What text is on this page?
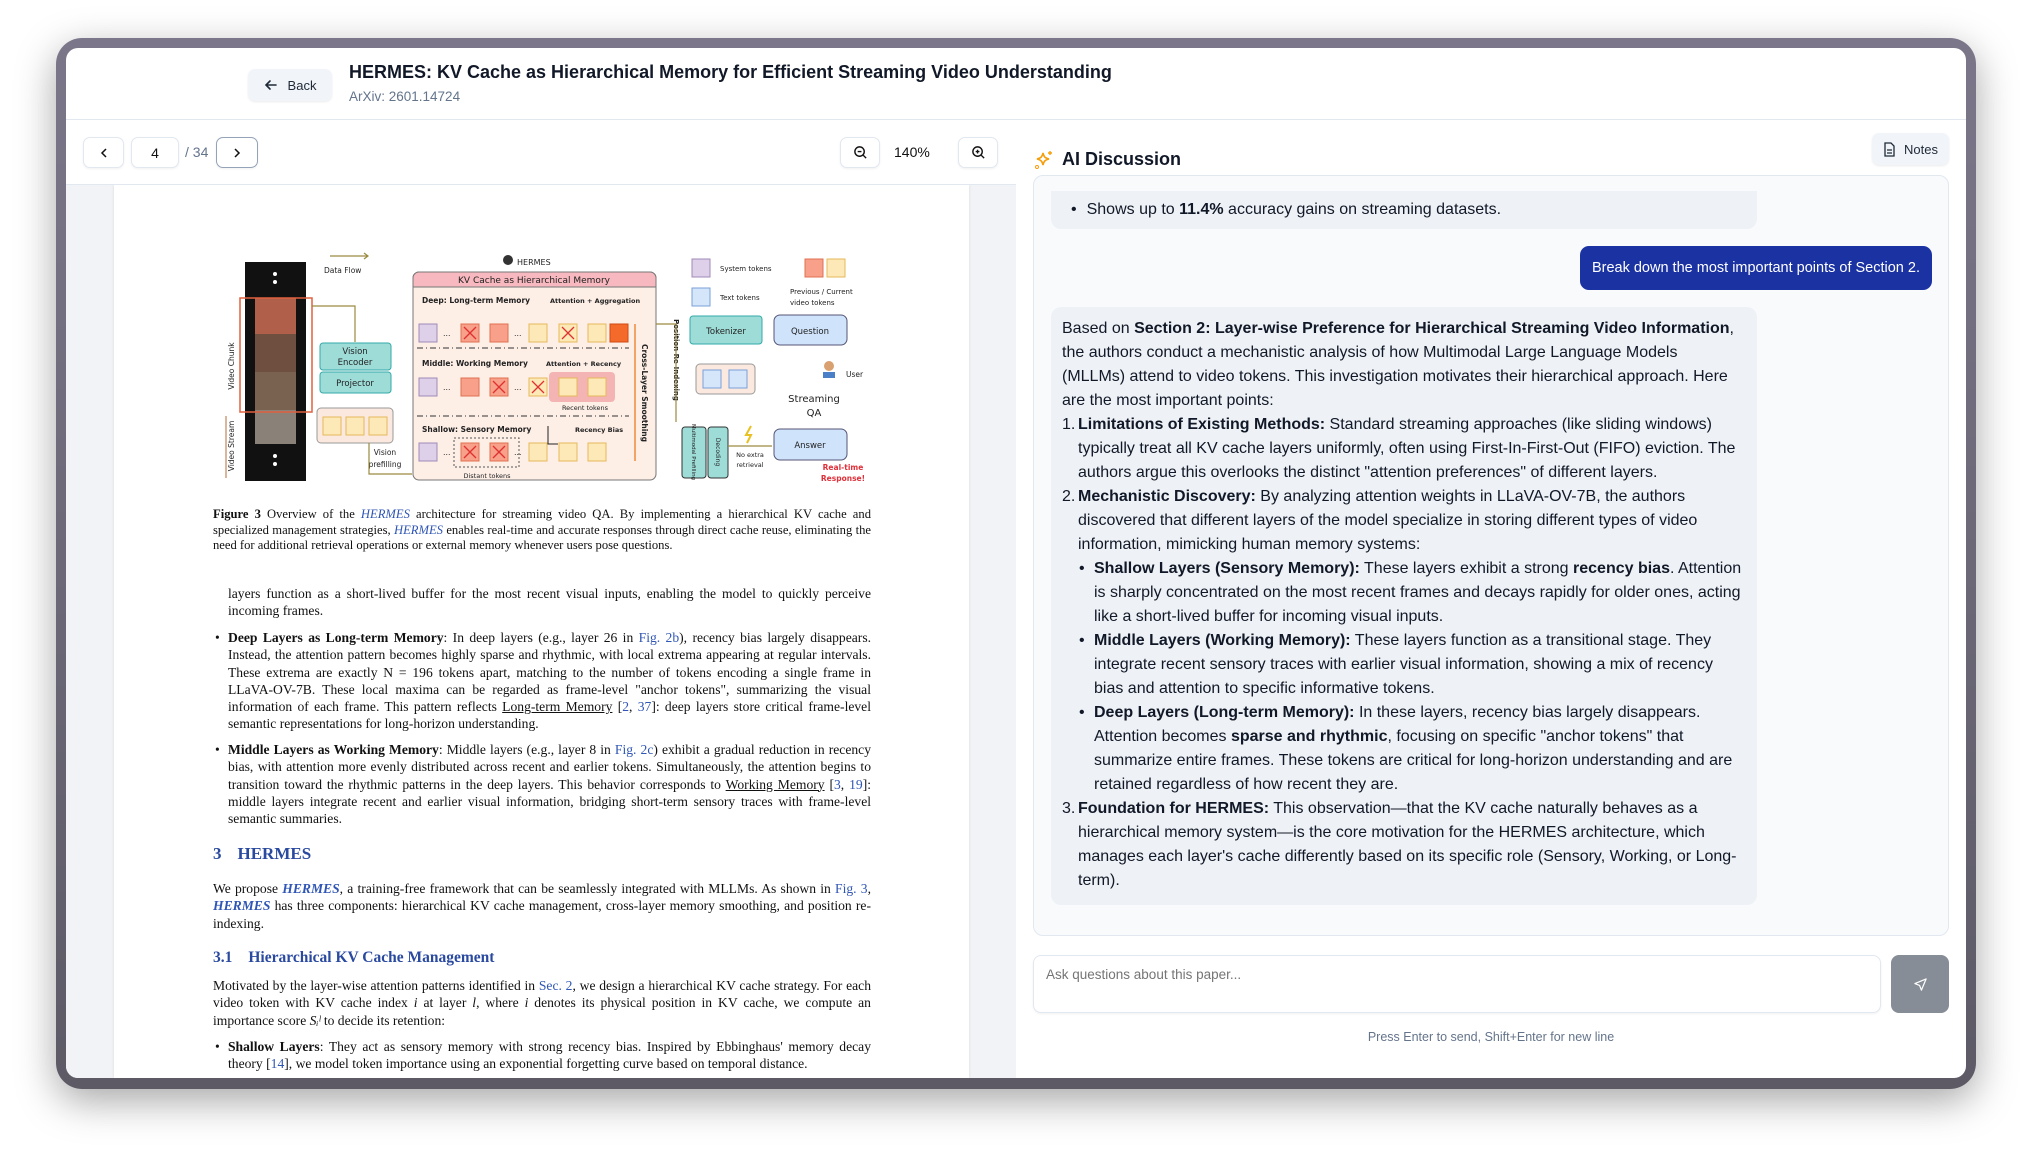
Back
HERMES: KV Cache as Hierarchical Memory for Efficient Streaming Video Understanding
ArXiv: 2601.14724
4
/ 34	140%
Video Chunk
Video Stream
Data Flow
Vision
Encoder
Projector
Vision
prefilling
HERMES
KV Cache as Hierarchical Memory
Deep: Long-term Memory	Attention + Aggregation
Middle: Working Memory	Attention + Recency
Recent tokens
Shallow: Sensory Memory	Recency Bias
Distant tokens
…	…
…	…
…	…
Cross-Layer Smoothing	Position Re-Indexing
System tokens
Text tokens
Previous / Current
video tokens
Tokenizer	Question
User
Streaming
QA
Multimodal Prefilling	Decoding No extra
retrieval
Answer
Real-time
Response!
Figure 3 Overview of the HERMES architecture for streaming video QA. By implementing a hierarchical KV cache and specialized management strategies, HERMES enables real-time and accurate responses through direct cache reuse, eliminating the need for additional retrieval operations or external memory whenever users pose questions.
layers function as a short-lived buffer for the most recent visual inputs, enabling the model to quickly perceive incoming frames.
• Deep Layers as Long-term Memory: In deep layers (e.g., layer 26 in Fig. 2b), recency bias largely disappears. Instead, the attention pattern becomes highly sparse and rhythmic, with local extrema appearing at regular intervals. These extrema are exactly N = 196 tokens apart, matching to the number of tokens encoding a single frame in LLaVA-OV-7B. These local maxima can be regarded as frame-level "anchor tokens", summarizing the visual information of each frame. This pattern reflects Long-term Memory [2, 37]: deep layers store critical frame-level semantic representations for long-horizon understanding.
• Middle Layers as Working Memory: Middle layers (e.g., layer 8 in Fig. 2c) exhibit a gradual reduction in recency bias, with attention more evenly distributed across recent and earlier tokens. Simultaneously, the attention begins to transition toward the rhythmic patterns in the deep layers. This behavior corresponds to Working Memory [3, 19]: middle layers integrate recent and earlier visual information, bridging short-term sensory traces with frame-level semantic summaries.
3 HERMES
We propose HERMES, a training-free framework that can be seamlessly integrated with MLLMs. As shown in Fig. 3, HERMES has three components: hierarchical KV cache management, cross-layer memory smoothing, and position re-indexing.
3.1 Hierarchical KV Cache Management
Motivated by the layer-wise attention patterns identified in Sec. 2, we design a hierarchical KV cache strategy. For each video token with KV cache index i at layer l, where i denotes its physical position in KV cache, we compute an importance score Sᵢˡ to decide its retention:
• Shallow Layers: They act as sensory memory with strong recency bias. Inspired by Ebbinghaus' memory decay theory [14], we model token importance using an exponential forgetting curve based on temporal distance.
AI Discussion	Notes
• Shows up to 11.4% accuracy gains on streaming datasets.
Break down the most important points of Section 2.
Based on Section 2: Layer-wise Preference for Hierarchical Streaming Video Information, the authors conduct a mechanistic analysis of how Multimodal Large Language Models (MLLMs) attend to video tokens. This investigation motivates their hierarchical approach. Here are the most important points:
1. Limitations of Existing Methods: Standard streaming approaches (like sliding windows) typically treat all KV cache layers uniformly, often using First-In-First-Out (FIFO) eviction. The authors argue this overlooks the distinct "attention preferences" of different layers.
2. Mechanistic Discovery: By analyzing attention weights in LLaVA-OV-7B, the authors discovered that different layers of the model specialize in storing different types of video information, mimicking human memory systems:
• Shallow Layers (Sensory Memory): These layers exhibit a strong recency bias. Attention is sharply concentrated on the most recent frames and decays rapidly for older ones, acting like a short-lived buffer for incoming visual inputs.
• Middle Layers (Working Memory): These layers function as a transitional stage. They integrate recent sensory traces with earlier visual information, showing a mix of recency bias and attention to specific informative tokens.
• Deep Layers (Long-term Memory): In these layers, recency bias largely disappears. Attention becomes sparse and rhythmic, focusing on specific "anchor tokens" that summarize entire frames. These tokens are critical for long-horizon understanding and are retained regardless of how recent they are.
3. Foundation for HERMES: This observation—that the KV cache naturally behaves as a hierarchical memory system—is the core motivation for the HERMES architecture, which manages each layer's cache differently based on its specific role (Sensory, Working, or Long-term).
Ask questions about this paper...
Press Enter to send, Shift+Enter for new line
